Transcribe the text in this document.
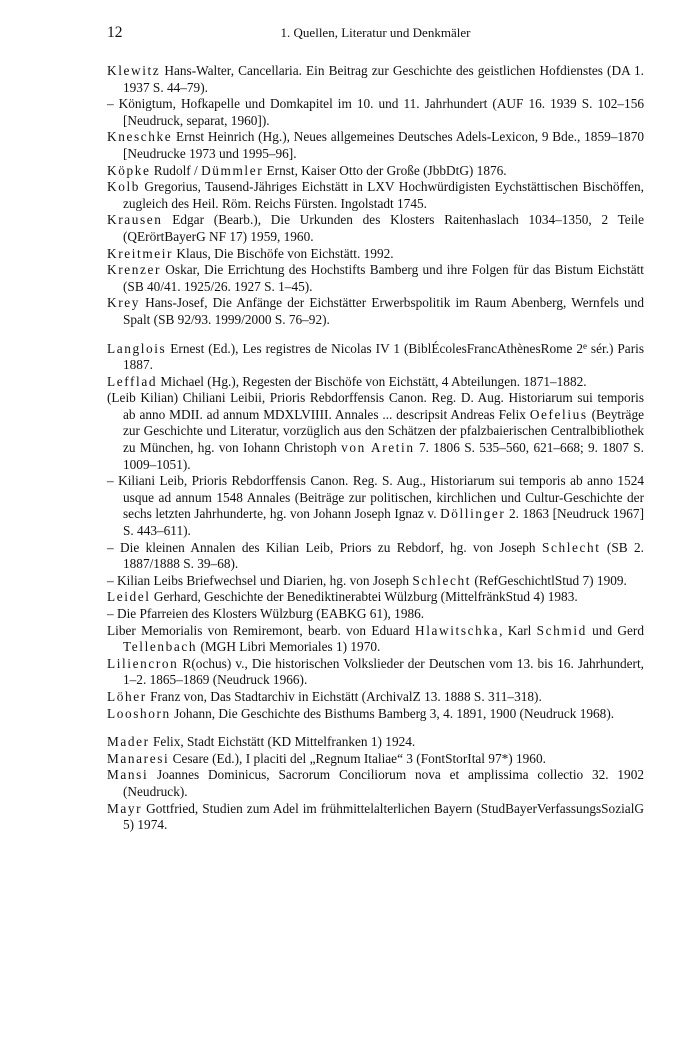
12	1. Quellen, Literatur und Denkmäler

Klewitz Hans-Walter, Cancellaria. Ein Beitrag zur Geschichte des geistlichen Hofdienstes (DA 1. 1937 S. 44–79).

– Königtum, Hofkapelle und Domkapitel im 10. und 11. Jahrhundert (AUF 16. 1939 S. 102–156 [Neudruck, separat, 1960]).

Kneschke Ernst Heinrich (Hg.), Neues allgemeines Deutsches Adels-Lexicon, 9 Bde., 1859–1870 [Neudrucke 1973 und 1995–96].

Köpke Rudolf / Dümmler Ernst, Kaiser Otto der Große (JbbDtG) 1876.

Kolb Gregorius, Tausend-Jähriges Eichstätt in LXV Hochwürdigisten Eychstättischen Bischöffen, zugleich des Heil. Röm. Reichs Fürsten. Ingolstadt 1745.

Krausen Edgar (Bearb.), Die Urkunden des Klosters Raitenhaslach 1034–1350, 2 Teile (QErörtBayerG NF 17) 1959, 1960.

Kreitmeir Klaus, Die Bischöfe von Eichstätt. 1992.

Krenzer Oskar, Die Errichtung des Hochstifts Bamberg und ihre Folgen für das Bistum Eichstätt (SB 40/41. 1925/26. 1927 S. 1–45).

Krey Hans-Josef, Die Anfänge der Eichstätter Erwerbspolitik im Raum Abenberg, Wernfels und Spalt (SB 92/93. 1999/2000 S. 76–92).

Langlois Ernest (Ed.), Les registres de Nicolas IV 1 (BiblÉcolesFrancAthènesRome 2e sér.) Paris 1887.

Lefflad Michael (Hg.), Regesten der Bischöfe von Eichstätt, 4 Abteilungen. 1871–1882.

(Leib Kilian) Chiliani Leibii, Prioris Rebdorffensis Canon. Reg. D. Aug. Historiarum sui temporis ab anno MDII. ad annum MDXLVIIII. Annales ... descripsit Andreas Felix Oefelius (Beyträge zur Geschichte und Literatur, vorzüglich aus den Schätzen der pfalzbaierischen Centralbibliothek zu München, hg. von Iohann Christoph von Aretin 7. 1806 S. 535–560, 621–668; 9. 1807 S. 1009–1051).

– Kiliani Leib, Prioris Rebdorffensis Canon. Reg. S. Aug., Historiarum sui temporis ab anno 1524 usque ad annum 1548 Annales (Beiträge zur politischen, kirchlichen und Cultur-Geschichte der sechs letzten Jahrhunderte, hg. von Johann Joseph Ignaz v. Döllinger 2. 1863 [Neudruck 1967] S. 443–611).

– Die kleinen Annalen des Kilian Leib, Priors zu Rebdorf, hg. von Joseph Schlecht (SB 2. 1887/1888 S. 39–68).

– Kilian Leibs Briefwechsel und Diarien, hg. von Joseph Schlecht (RefGeschichtlStud 7) 1909.

Leidel Gerhard, Geschichte der Benediktinerabtei Wülzburg (MittelfränkStud 4) 1983.

– Die Pfarreien des Klosters Wülzburg (EABKG 61), 1986.

Liber Memorialis von Remiremont, bearb. von Eduard Hlawitschka, Karl Schmid und Gerd Tellenbach (MGH Libri Memoriales 1) 1970.

Liliencron R(ochus) v., Die historischen Volkslieder der Deutschen vom 13. bis 16. Jahrhundert, 1–2. 1865–1869 (Neudruck 1966).

Löher Franz von, Das Stadtarchiv in Eichstätt (ArchivalZ 13. 1888 S. 311–318).

Looshorn Johann, Die Geschichte des Bisthums Bamberg 3, 4. 1891, 1900 (Neudruck 1968).

Mader Felix, Stadt Eichstätt (KD Mittelfranken 1) 1924.

Manaresi Cesare (Ed.), I placiti del „Regnum Italiae“ 3 (FontStorItal 97*) 1960.

Mansi Joannes Dominicus, Sacrorum Conciliorum nova et amplissima collectio 32. 1902 (Neudruck).

Mayr Gottfried, Studien zum Adel im frühmittelalterlichen Bayern (StudBayerVerfassungsSozialG 5) 1974.
